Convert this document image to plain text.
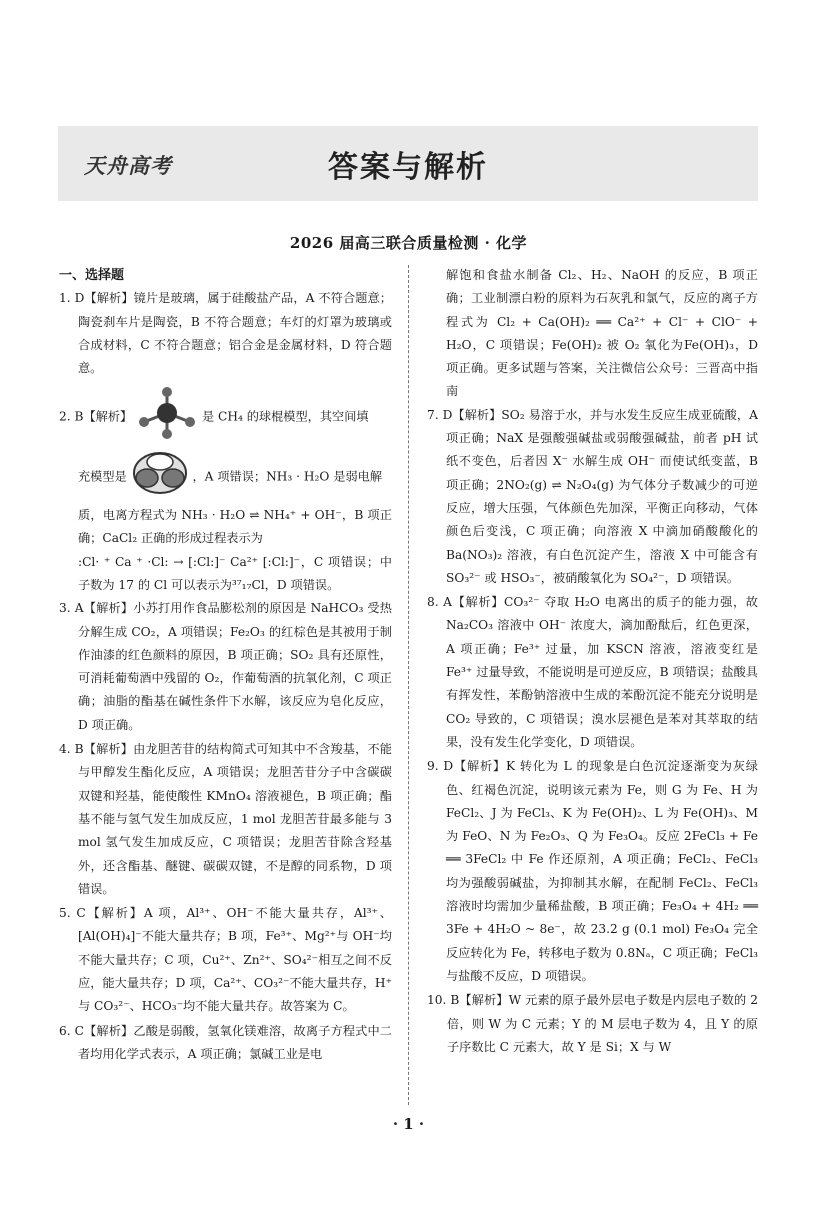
天舟高考	答案与解析
2026 届高三联合质量检测 · 化学
一、选择题
1. D【解析】镜片是玻璃，属于硅酸盐产品，A 不符合题意；陶瓷刹车片是陶瓷，B 不符合题意；车灯的灯罩为玻璃或合成材料，C 不符合题意；铝合金是金属材料，D 符合题意。
2. B【解析】	是 CH₄ 的球棍模型，其空间填
充模型是	，A 项错误；NH₃ · H₂O 是弱电解
质，电离方程式为 NH₃ · H₂O ⇌ NH₄⁺ + OH⁻，B 项正确；CaCl₂ 正确的形成过程表示为
:Cl· ⁺ Ca ⁺ ·Cl: → [:Cl:]⁻ Ca²⁺ [:Cl:]⁻，C 项错误；中子数为 17 的 Cl 可以表示为³⁷₁₇Cl，D 项错误。
3. A【解析】小苏打用作食品膨松剂的原因是 NaHCO₃ 受热分解生成 CO₂，A 项错误；Fe₂O₃ 的红棕色是其被用于制作油漆的红色颜料的原因，B 项正确；SO₂ 具有还原性，可消耗葡萄酒中残留的 O₂，作葡萄酒的抗氧化剂，C 项正确；油脂的酯基在碱性条件下水解，该反应为皂化反应，D 项正确。
4. B【解析】由龙胆苦苷的结构简式可知其中不含羧基，不能与甲醇发生酯化反应，A 项错误；龙胆苦苷分子中含碳碳双键和羟基，能使酸性 KMnO₄ 溶液褪色，B 项正确；酯基不能与氢气发生加成反应，1 mol 龙胆苦苷最多能与 3 mol 氢气发生加成反应，C 项错误；龙胆苦苷除含羟基外，还含酯基、醚键、碳碳双键，不是醇的同系物，D 项错误。
5. C【解析】A 项，Al³⁺、OH⁻不能大量共存，Al³⁺、[Al(OH)₄]⁻不能大量共存；B 项，Fe³⁺、Mg²⁺与 OH⁻均不能大量共存；C 项，Cu²⁺、Zn²⁺、SO₄²⁻相互之间不反应，能大量共存；D 项，Ca²⁺、CO₃²⁻不能大量共存，H⁺与 CO₃²⁻、HCO₃⁻均不能大量共存。故答案为 C。
6. C【解析】乙酸是弱酸，氢氧化镁难溶，故离子方程式中二者均用化学式表示，A 项正确；氯碱工业是电
解饱和食盐水制备 Cl₂、H₂、NaOH 的反应，B 项正确；工业制漂白粉的原料为石灰乳和氯气，反应的离子方程式为 Cl₂ + Ca(OH)₂ ══ Ca²⁺ + Cl⁻ + ClO⁻ + H₂O，C 项错误；Fe(OH)₂ 被 O₂ 氧化为Fe(OH)₃，D 项正确。更多试题与答案，关注微信公众号：三晋高中指南
7. D【解析】SO₂ 易溶于水，并与水发生反应生成亚硫酸，A 项正确；NaX 是强酸强碱盐或弱酸强碱盐，前者 pH 试纸不变色，后者因 X⁻ 水解生成 OH⁻ 而使试纸变蓝，B 项正确；2NO₂(g) ⇌ N₂O₄(g) 为气体分子数减少的可逆反应，增大压强，气体颜色先加深，平衡正向移动，气体颜色后变浅，C 项正确；向溶液 X 中滴加硝酸酸化的 Ba(NO₃)₂ 溶液，有白色沉淀产生，溶液 X 中可能含有 SO₃²⁻ 或 HSO₃⁻，被硝酸氧化为 SO₄²⁻，D 项错误。
8. A【解析】CO₃²⁻ 夺取 H₂O 电离出的质子的能力强，故 Na₂CO₃ 溶液中 OH⁻ 浓度大，滴加酚酞后，红色更深，A 项正确；Fe³⁺ 过量，加 KSCN 溶液，溶液变红是 Fe³⁺ 过量导致，不能说明是可逆反应，B 项错误；盐酸具有挥发性，苯酚钠溶液中生成的苯酚沉淀不能充分说明是 CO₂ 导致的，C 项错误；溴水层褪色是苯对其萃取的结果，没有发生化学变化，D 项错误。
9. D【解析】K 转化为 L 的现象是白色沉淀逐渐变为灰绿色、红褐色沉淀，说明该元素为 Fe，则 G 为 Fe、H 为 FeCl₂、J 为 FeCl₃、K 为 Fe(OH)₂、L 为 Fe(OH)₃、M 为 FeO、N 为 Fe₂O₃、Q 为 Fe₃O₄。反应 2FeCl₃ + Fe ══ 3FeCl₂ 中 Fe 作还原剂，A 项正确；FeCl₂、FeCl₃ 均为强酸弱碱盐，为抑制其水解，在配制 FeCl₂、FeCl₃ 溶液时均需加少量稀盐酸，B 项正确；Fe₃O₄ + 4H₂ ══ 3Fe + 4H₂O ~ 8e⁻，故 23.2 g (0.1 mol) Fe₃O₄ 完全反应转化为 Fe，转移电子数为 0.8Nₐ，C 项正确；FeCl₃ 与盐酸不反应，D 项错误。
10. B【解析】W 元素的原子最外层电子数是内层电子数的 2 倍，则 W 为 C 元素；Y 的 M 层电子数为 4，且 Y 的原子序数比 C 元素大，故 Y 是 Si；X 与 W
· 1 ·
